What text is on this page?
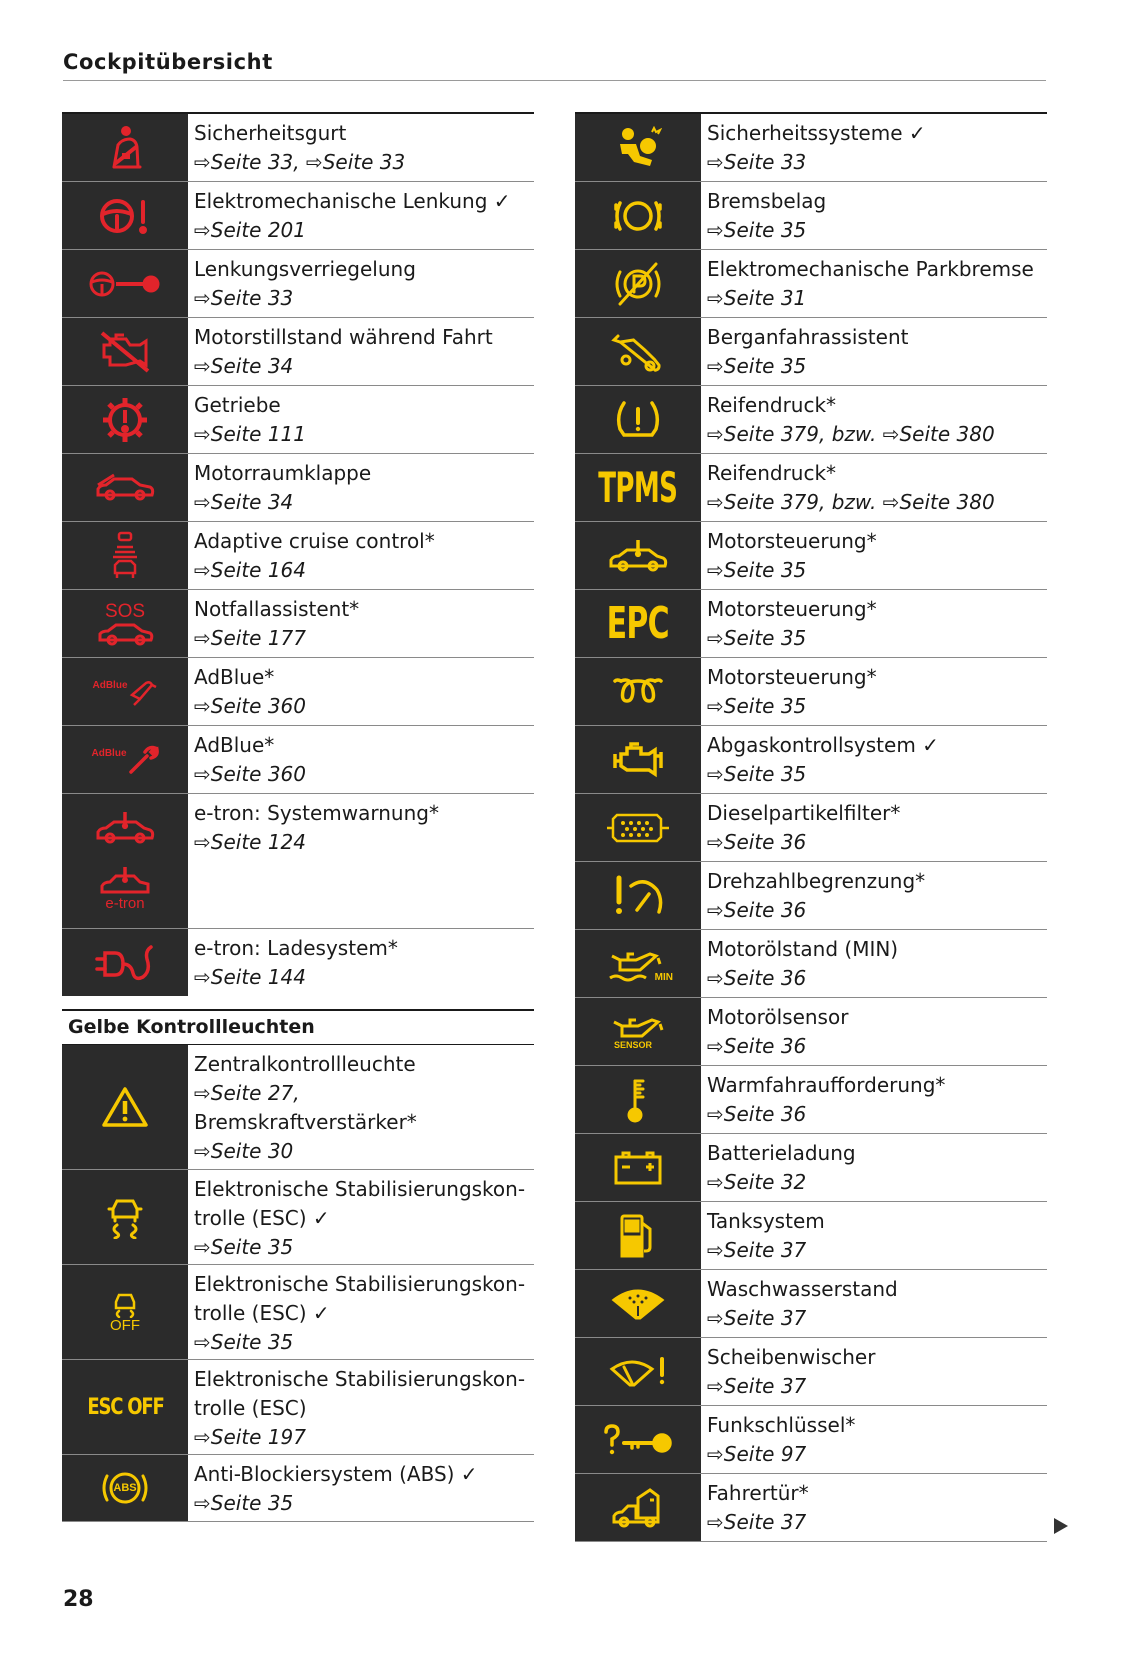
Cockpitübersicht
Sicherheitsgurt
⇨Seite 33, ⇨Seite 33
Elektromechanische Lenkung ✓
⇨Seite 201
Lenkungsverriegelung
⇨Seite 33
Motorstillstand während Fahrt
⇨Seite 34
Getriebe
⇨Seite 111
Motorraumklappe
⇨Seite 34
Adaptive cruise control*
⇨Seite 164
SOS Notfallassistent*
⇨Seite 177
AdBlue	AdBlue*
⇨Seite 360
AdBlue	AdBlue*
⇨Seite 360
e-tron
e-tron: Systemwarnung*
⇨Seite 124
e-tron: Ladesystem*
⇨Seite 144
Gelbe Kontrollleuchten
Zentralkontrollleuchte
⇨Seite 27,
Bremskraftverstärker*
⇨Seite 30
Elektronische Stabilisierungskon-
trolle (ESC) ✓
⇨Seite 35
OFF
Elektronische Stabilisierungskon-
trolle (ESC) ✓
⇨Seite 35
ESC OFF
Elektronische Stabilisierungskon-
trolle (ESC)
⇨Seite 197
ABS
Anti-Blockiersystem (ABS) ✓
⇨Seite 35
Sicherheitssysteme ✓
⇨Seite 33
Bremsbelag
⇨Seite 35
Elektromechanische Parkbremse
⇨Seite 31
Berganfahrassistent
⇨Seite 35
Reifendruck*
⇨Seite 379, bzw. ⇨Seite 380
TPMS Reifendruck*
⇨Seite 379, bzw. ⇨Seite 380
Motorsteuerung*
⇨Seite 35
EPC Motorsteuerung*
⇨Seite 35
Motorsteuerung*
⇨Seite 35
Abgaskontrollsystem ✓
⇨Seite 35
Dieselpartikelfilter*
⇨Seite 36
Drehzahlbegrenzung*
⇨Seite 36
MIN
Motorölstand (MIN)
⇨Seite 36
SENSOR
Motorölsensor
⇨Seite 36
Warmfahraufforderung*
⇨Seite 36
Batterieladung
⇨Seite 32
Tanksystem
⇨Seite 37
Waschwasserstand
⇨Seite 37
Scheibenwischer
⇨Seite 37
Funkschlüssel*
⇨Seite 97
Fahrertür*
⇨Seite 37
28
